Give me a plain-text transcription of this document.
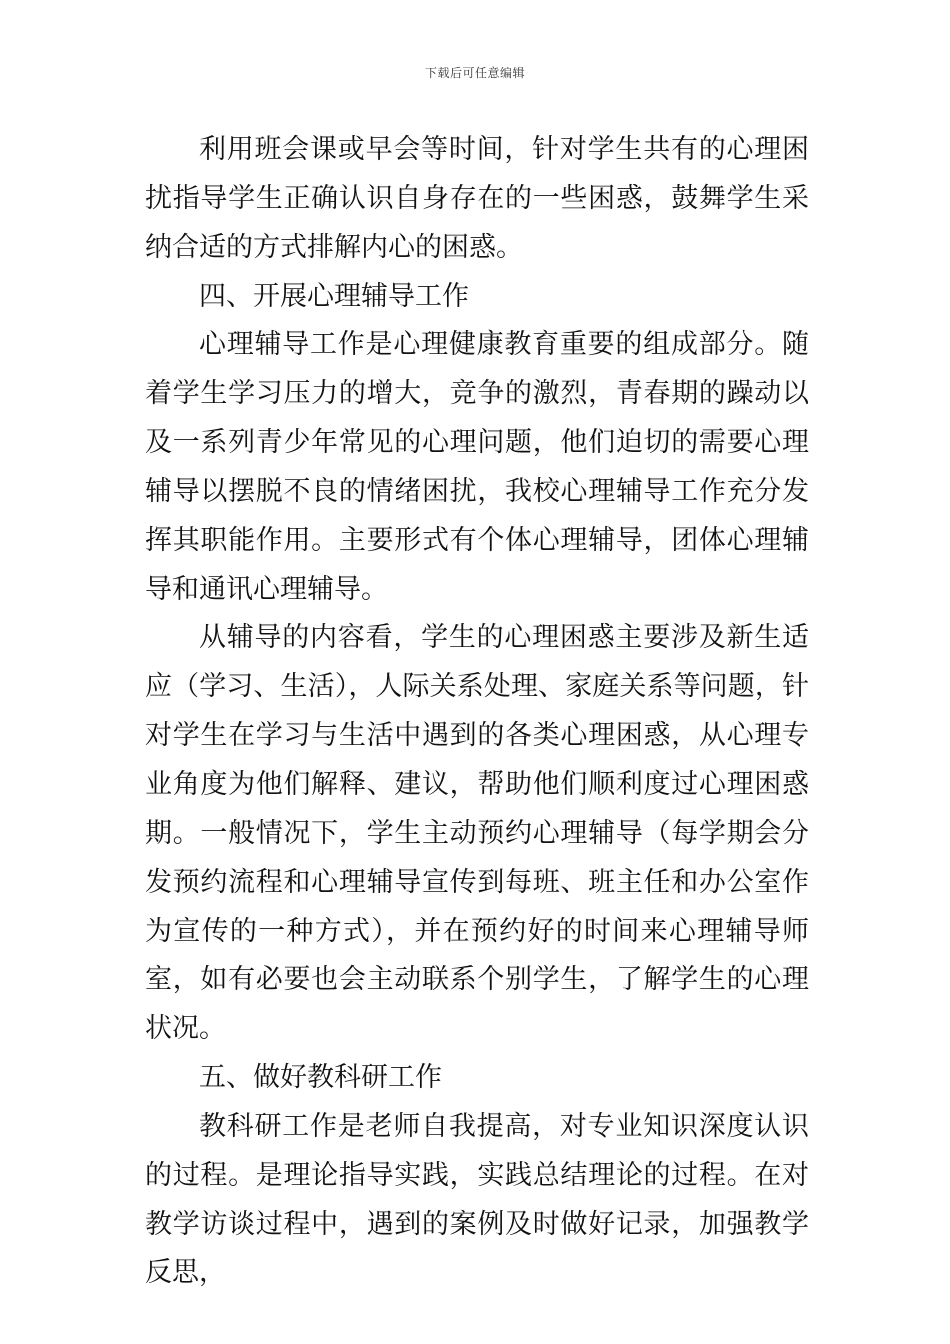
下载后可任意编辑

利用班会课或早会等时间，针对学生共有的心理困扰指导学生正确认识自身存在的一些困惑，鼓舞学生采纳合适的方式排解内心的困惑。

四、开展心理辅导工作

心理辅导工作是心理健康教育重要的组成部分。随着学生学习压力的增大，竞争的激烈，青春期的躁动以及一系列青少年常见的心理问题，他们迫切的需要心理辅导以摆脱不良的情绪困扰，我校心理辅导工作充分发挥其职能作用。主要形式有个体心理辅导，团体心理辅导和通讯心理辅导。

从辅导的内容看，学生的心理困惑主要涉及新生适应（学习、生活），人际关系处理、家庭关系等问题，针对学生在学习与生活中遇到的各类心理困惑，从心理专业角度为他们解释、建议，帮助他们顺利度过心理困惑期。一般情况下，学生主动预约心理辅导（每学期会分发预约流程和心理辅导宣传到每班、班主任和办公室作为宣传的一种方式），并在预约好的时间来心理辅导师室，如有必要也会主动联系个别学生，了解学生的心理状况。

五、做好教科研工作

教科研工作是老师自我提高，对专业知识深度认识的过程。是理论指导实践，实践总结理论的过程。在对教学访谈过程中，遇到的案例及时做好记录，加强教学反思，
